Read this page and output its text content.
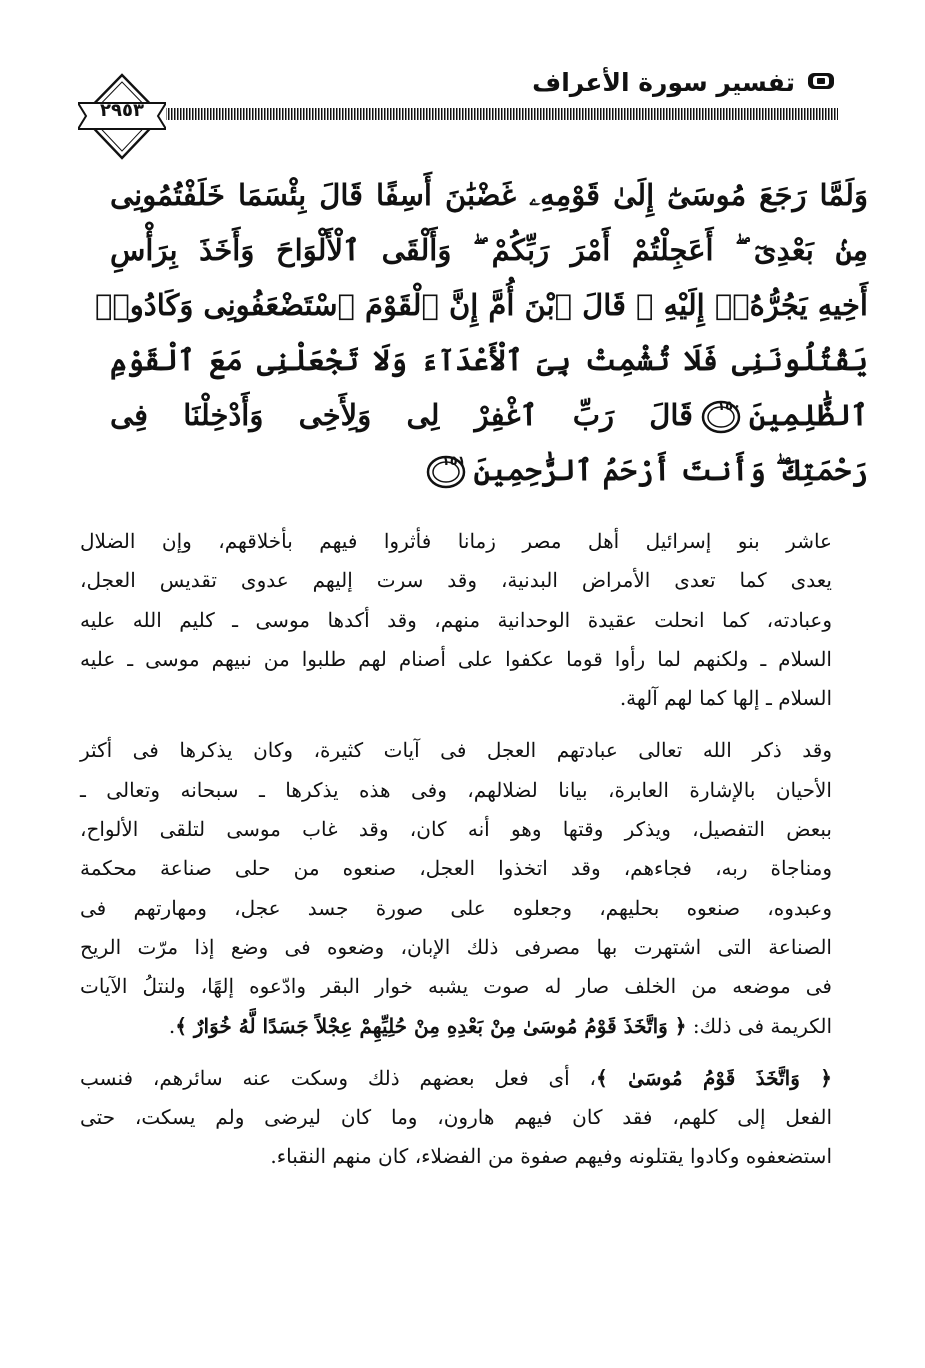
تفسير سورة الأعراف
٢٩٥٣
وَلَمَّا رَجَعَ مُوسَىٰٓ إِلَىٰ قَوْمِهِۦ غَضْبَٰنَ أَسِفًا قَالَ بِئْسَمَا خَلَفْتُمُونِى
مِنۢ بَعْدِىٓ ۖ أَعَجِلْتُمْ أَمْرَ رَبِّكُمْ ۖ وَأَلْقَى ٱلْأَلْوَاحَ وَأَخَذَ بِرَأْسِ
أَخِيهِ يَجُرُّهُۥٓ إِلَيْهِ ۚ قَالَ ٱبْنَ أُمَّ إِنَّ ٱلْقَوْمَ ٱسْتَضْعَفُونِى وَكَادُوا۟
يَقْتُلُونَنِى فَلَا تُشْمِتْ بِىَ ٱلْأَعْدَآءَ وَلَا تَجْعَلْنِى مَعَ ٱلْقَوْمِ
ٱلظَّٰلِمِينَ
١٥٠
قَالَ رَبِّ ٱغْفِرْ لِى وَلِأَخِى وَأَدْخِلْنَا فِى
رَحْمَتِكَ ۖ وَأَنتَ أَرْحَمُ ٱلرَّٰحِمِينَ
١٥١
عاشر بنو إسرائيل أهل مصر زمانا فأثروا فيهم بأخلاقهم، وإن الضلال
يعدى كما تعدى الأمراض البدنية، وقد سرت إليهم عدوى تقديس العجل،
وعبادته، كما انحلت عقيدة الوحدانية منهم، وقد أكدها موسى ـ كليم الله عليه
السلام ـ ولكنهم لما رأوا قوما عكفوا على أصنام لهم طلبوا من نبيهم موسى ـ عليه
السلام ـ إلها كما لهم آلهة.
وقد ذكر الله تعالى عبادتهم العجل فى آيات كثيرة، وكان يذكرها فى أكثر
الأحيان بالإشارة العابرة، بيانا لضلالهم، وفى هذه يذكرها ـ سبحانه وتعالى ـ
ببعض التفصيل، ويذكر وقتها وهو أنه كان، وقد غاب موسى لتلقى الألواح،
ومناجاة ربه، فجاءهم، وقد اتخذوا العجل، صنعوه من حلى صناعة محكمة
وعبدوه، صنعوه بحليهم، وجعلوه على صورة جسد عجل، ومهارتهم فى
الصناعة التى اشتهرت بها مصرفى ذلك الإبان، وضعوه فى وضع إذا مرّت الريح
فى موضعه من الخلف صار له صوت يشبه خوار البقر وادّعوه إلهًا، ولنتلُ الآيات
الكريمة فى ذلك: ﴿ وَاتَّخَذَ قَوْمُ مُوسَىٰ مِنْ بَعْدِهِ مِنْ حُلِيِّهِمْ عِجْلاً جَسَدًا لَّهُ خُوَارٌ ﴾.
﴿ وَاتَّخَذَ قَوْمُ مُوسَىٰ ﴾، أى فعل بعضهم ذلك وسكت عنه سائرهم، فنسب
الفعل إلى كلهم، فقد كان فيهم هارون، وما كان ليرضى ولم يسكت، حتى
استضعفوه وكادوا يقتلونه وفيهم صفوة من الفضلاء، كان منهم النقباء.
